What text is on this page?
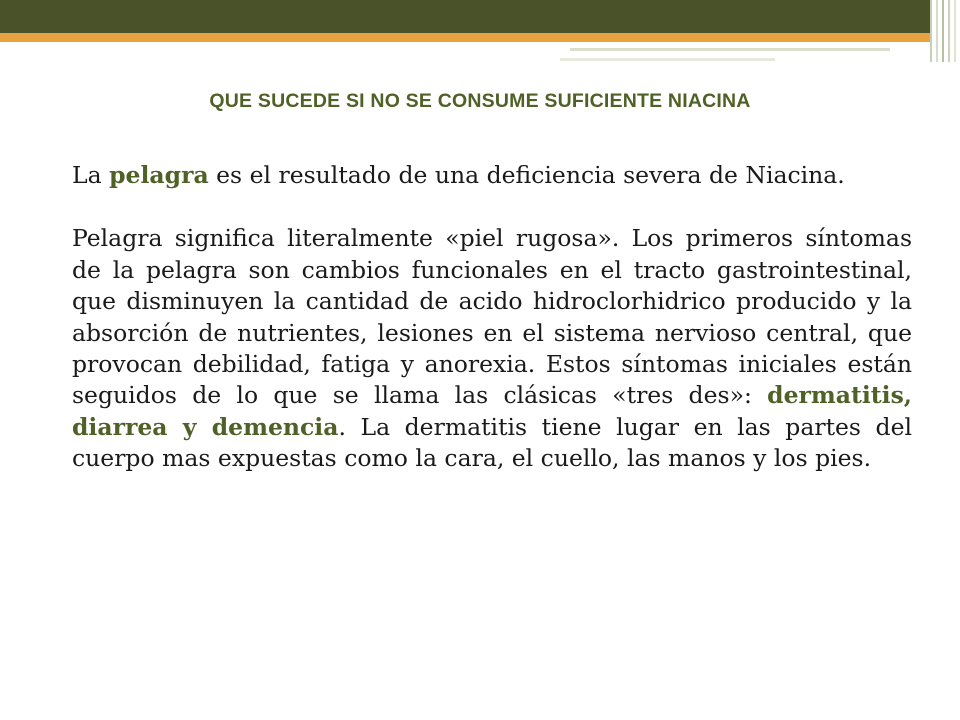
QUE SUCEDE SI NO SE CONSUME SUFICIENTE NIACINA

La pelagra es el resultado de una deficiencia severa de Niacina.

Pelagra significa literalmente «piel rugosa». Los primeros síntomas de la pelagra son cambios funcionales en el tracto gastrointestinal, que disminuyen la cantidad de acido hidroclorhidrico producido y la absorción de nutrientes, lesiones en el sistema nervioso central, que provocan debilidad, fatiga y anorexia. Estos síntomas iniciales están seguidos de lo que se llama las clásicas «tres des»: dermatitis, diarrea y demencia. La dermatitis tiene lugar en las partes del cuerpo mas expuestas como la cara, el cuello, las manos y los pies.
